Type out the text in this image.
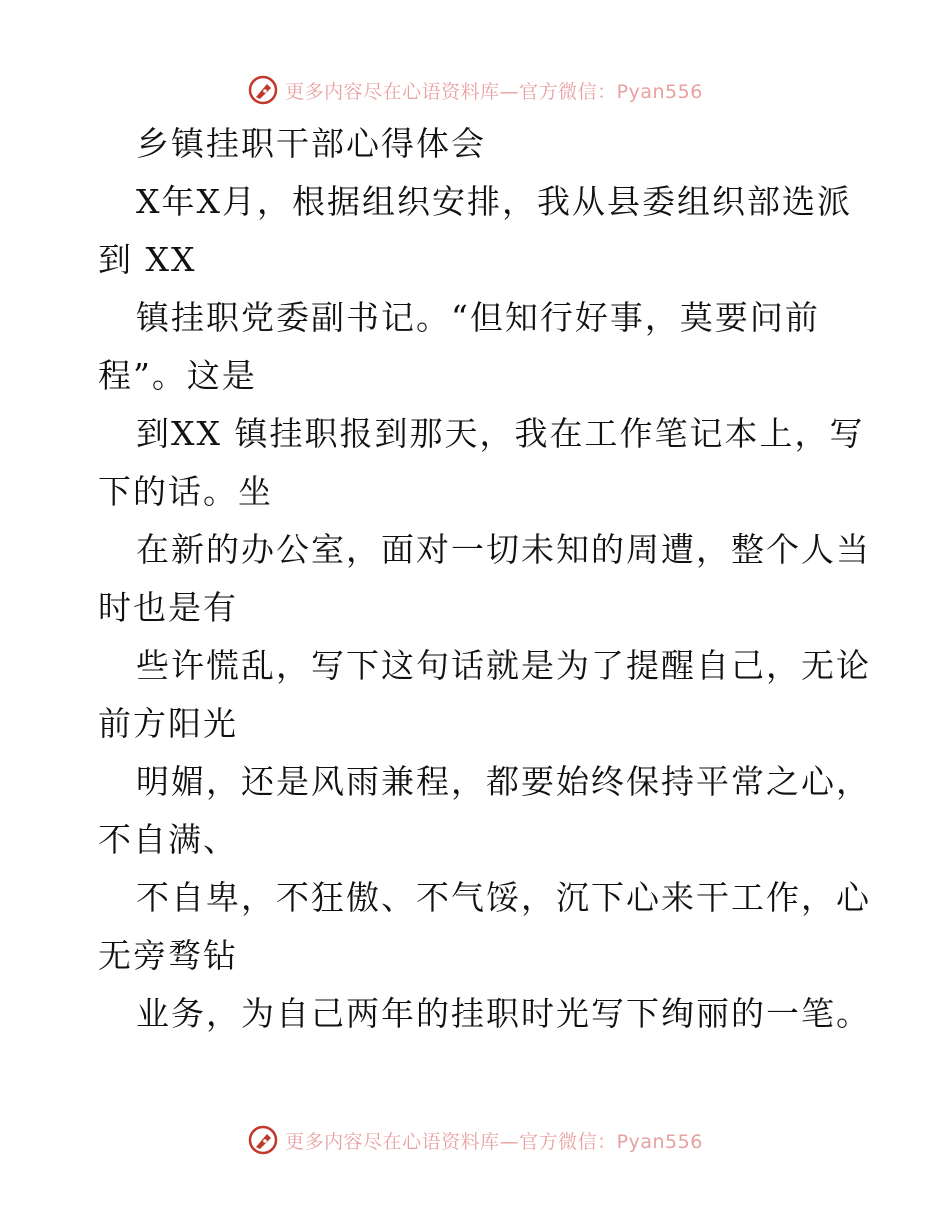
更多内容尽在心语资料库—官方微信：Pyan556
乡镇挂职干部心得体会
X年X月，根据组织安排，我从县委组织部选派
到 XX
镇挂职党委副书记。“但知行好事，莫要问前
程”。这是
到XX 镇挂职报到那天，我在工作笔记本上，写
下的话。坐
在新的办公室，面对一切未知的周遭，整个人当
时也是有
些许慌乱，写下这句话就是为了提醒自己，无论
前方阳光
明媚，还是风雨兼程，都要始终保持平常之心，
不自满、
不自卑，不狂傲、不气馁，沉下心来干工作，心
无旁骛钻
业务，为自己两年的挂职时光写下绚丽的一笔。
更多内容尽在心语资料库—官方微信：Pyan556
